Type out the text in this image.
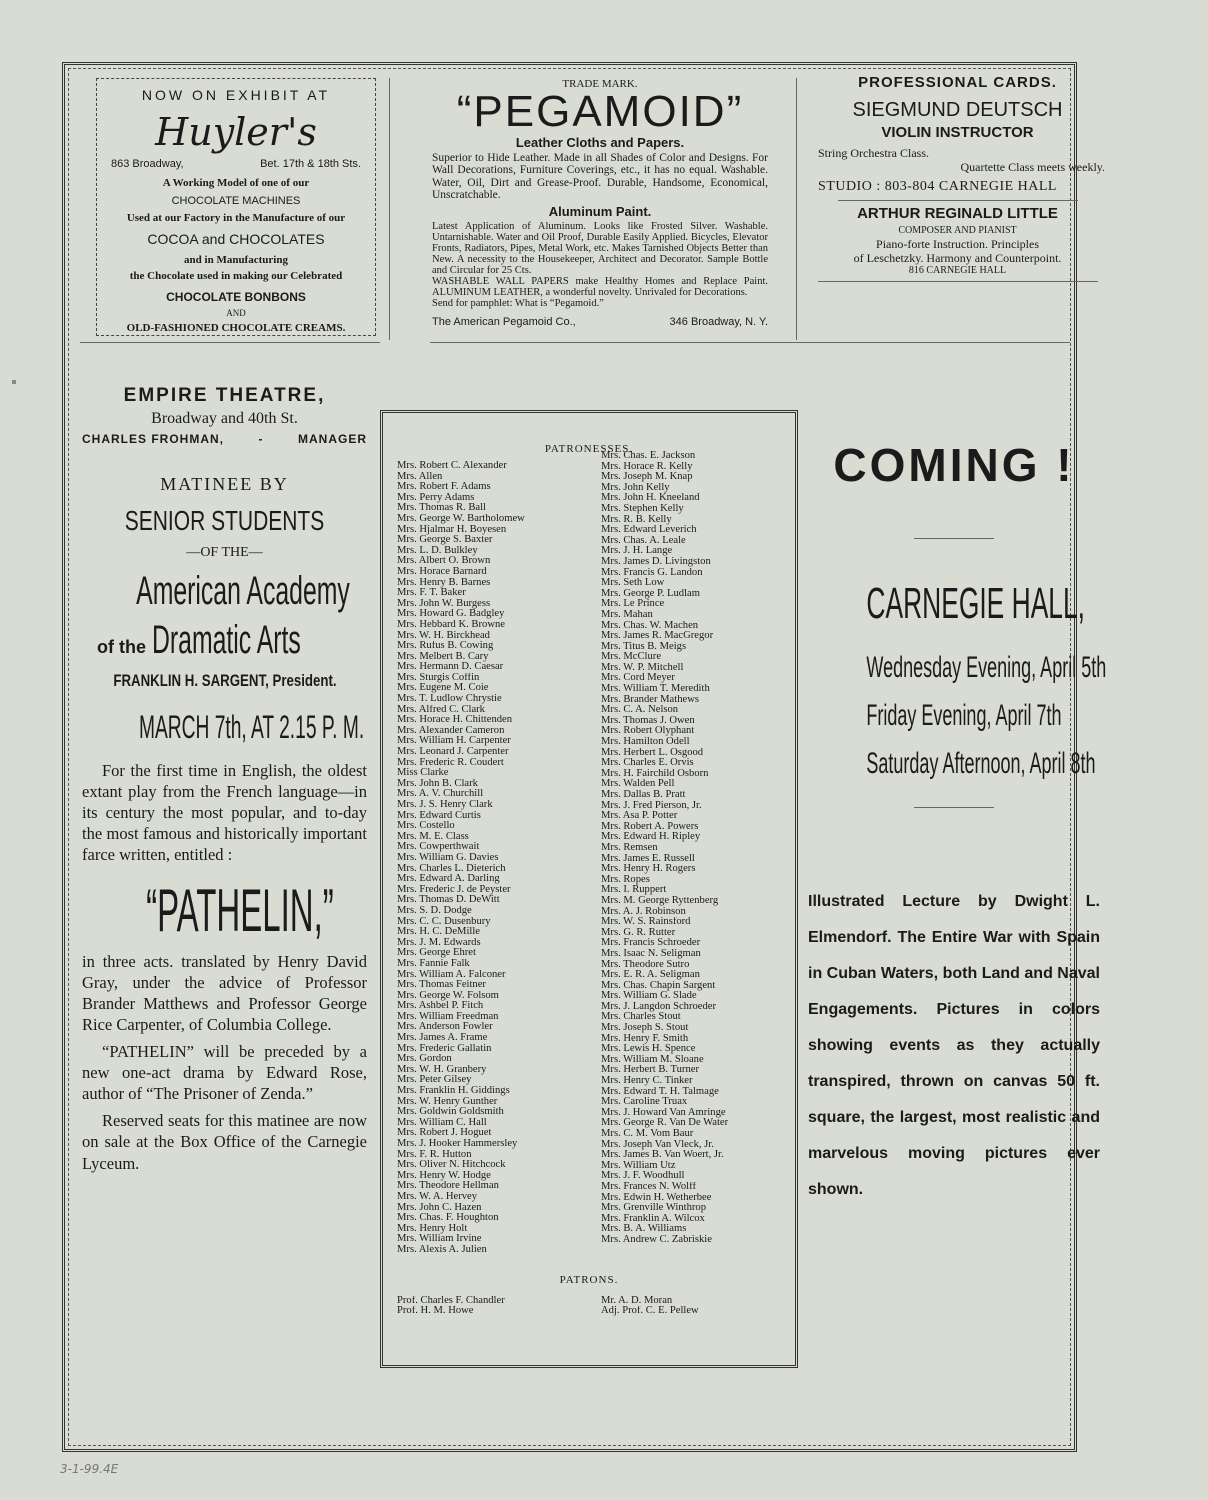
NOW ON EXHIBIT AT
Huyler's
863 Broadway,	Bet. 17th & 18th Sts.
A Working Model of one of our
CHOCOLATE MACHINES
Used at our Factory in the Manufacture of our
COCOA and CHOCOLATES
and in Manufacturing
the Chocolate used in making our Celebrated
CHOCOLATE BONBONS
AND
OLD-FASHIONED CHOCOLATE CREAMS.
TRADE MARK.
“PEGAMOID”
Leather Cloths and Papers.
Superior to Hide Leather. Made in all Shades of Color and Designs. For Wall Decorations, Furniture Coverings, etc., it has no equal. Washable. Water, Oil, Dirt and Grease-Proof. Durable, Handsome, Economical, Unscratchable.
Aluminum Paint.
Latest Application of Aluminum. Looks like Frosted Silver. Washable. Untarnishable. Water and Oil Proof, Durable Easily Applied. Bicycles, Elevator Fronts, Radiators, Pipes, Metal Work, etc. Makes Tarnished Objects Better than New. A necessity to the Housekeeper, Architect and Decorator. Sample Bottle and Circular for 25 Cts.
WASHABLE WALL PAPERS make Healthy Homes and Replace Paint. ALUMINUM LEATHER, a wonderful novelty. Unrivaled for Decorations.
Send for pamphlet: What is “Pegamoid.”
The American Pegamoid Co.,	346 Broadway, N. Y.
PROFESSIONAL CARDS.
SIEGMUND DEUTSCH
VIOLIN INSTRUCTOR
String Orchestra Class.
Quartette Class meets weekly.
STUDIO : 803-804 CARNEGIE HALL
ARTHUR REGINALD LITTLE
COMPOSER AND PIANIST
Piano-forte Instruction. Principles
of Leschetzky. Harmony and Counterpoint.
816 CARNEGIE HALL
EMPIRE THEATRE,
Broadway and 40th St.
CHARLES FROHMAN,	-	MANAGER
MATINEE BY
SENIOR STUDENTS
—OF THE—
American Academy
of the Dramatic Arts
FRANKLIN H. SARGENT, President.
MARCH 7th, AT 2.15 P. M.
For the first time in English, the oldest extant play from the French language—in its century the most popular, and to-day the most famous and historically important farce written, entitled :
“PATHELIN,”
in three acts. translated by Henry David Gray, under the advice of Professor Brander Matthews and Professor George Rice Carpenter, of Columbia College.
“PATHELIN” will be preceded by a new one-act drama by Edward Rose, author of “The Prisoner of Zenda.”
Reserved seats for this matinee are now on sale at the Box Office of the Carnegie Lyceum.
PATRONESSES.
Mrs. Robert C. Alexander
Mrs. Allen
Mrs. Robert F. Adams
Mrs. Perry Adams
Mrs. Thomas R. Ball
Mrs. George W. Bartholomew
Mrs. Hjalmar H. Boyesen
Mrs. George S. Baxter
Mrs. L. D. Bulkley
Mrs. Albert O. Brown
Mrs. Horace Barnard
Mrs. Henry B. Barnes
Mrs. F. T. Baker
Mrs. John W. Burgess
Mrs. Howard G. Badgley
Mrs. Hebbard K. Browne
Mrs. W. H. Birckhead
Mrs. Rufus B. Cowing
Mrs. Melbert B. Cary
Mrs. Hermann D. Caesar
Mrs. Sturgis Coffin
Mrs. Eugene M. Coie
Mrs. T. Ludlow Chrystie
Mrs. Alfred C. Clark
Mrs. Horace H. Chittenden
Mrs. Alexander Cameron
Mrs. William H. Carpenter
Mrs. Leonard J. Carpenter
Mrs. Frederic R. Coudert
Miss Clarke
Mrs. John B. Clark
Mrs. A. V. Churchill
Mrs. J. S. Henry Clark
Mrs. Edward Curtis
Mrs. Costello
Mrs. M. E. Class
Mrs. Cowperthwait
Mrs. William G. Davies
Mrs. Charles L. Dieterich
Mrs. Edward A. Darling
Mrs. Frederic J. de Peyster
Mrs. Thomas D. DeWitt
Mrs. S. D. Dodge
Mrs. C. C. Dusenbury
Mrs. H. C. DeMille
Mrs. J. M. Edwards
Mrs. George Ehret
Mrs. Fannie Falk
Mrs. William A. Falconer
Mrs. Thomas Feitner
Mrs. George W. Folsom
Mrs. Ashbel P. Fitch
Mrs. William Freedman
Mrs. Anderson Fowler
Mrs. James A. Frame
Mrs. Frederic Gallatin
Mrs. Gordon
Mrs. W. H. Granbery
Mrs. Peter Gilsey
Mrs. Franklin H. Giddings
Mrs. W. Henry Gunther
Mrs. Goldwin Goldsmith
Mrs. William C. Hall
Mrs. Robert J. Hoguet
Mrs. J. Hooker Hammersley
Mrs. F. R. Hutton
Mrs. Oliver N. Hitchcock
Mrs. Henry W. Hodge
Mrs. Theodore Hellman
Mrs. W. A. Hervey
Mrs. John C. Hazen
Mrs. Chas. F. Houghton
Mrs. Henry Holt
Mrs. William Irvine
Mrs. Alexis A. Julien
Mrs. Chas. E. Jackson
Mrs. Horace R. Kelly
Mrs. Joseph M. Knap
Mrs. John Kelly
Mrs. John H. Kneeland
Mrs. Stephen Kelly
Mrs. R. B. Kelly
Mrs. Edward Leverich
Mrs. Chas. A. Leale
Mrs. J. H. Lange
Mrs. James D. Livingston
Mrs. Francis G. Landon
Mrs. Seth Low
Mrs. George P. Ludlam
Mrs. Le Prince
Mrs. Mahan
Mrs. Chas. W. Machen
Mrs. James R. MacGregor
Mrs. Titus B. Meigs
Mrs. McClure
Mrs. W. P. Mitchell
Mrs. Cord Meyer
Mrs. William T. Meredith
Mrs. Brander Mathews
Mrs. C. A. Nelson
Mrs. Thomas J. Owen
Mrs. Robert Olyphant
Mrs. Hamilton Odell
Mrs. Herbert L. Osgood
Mrs. Charles E. Orvis
Mrs. H. Fairchild Osborn
Mrs. Walden Pell
Mrs. Dallas B. Pratt
Mrs. J. Fred Pierson, Jr.
Mrs. Asa P. Potter
Mrs. Robert A. Powers
Mrs. Edward H. Ripley
Mrs. Remsen
Mrs. James E. Russell
Mrs. Henry H. Rogers
Mrs. Ropes
Mrs. I. Ruppert
Mrs. M. George Ryttenberg
Mrs. A. J. Robinson
Mrs. W. S. Rainsford
Mrs. G. R. Rutter
Mrs. Francis Schroeder
Mrs. Isaac N. Seligman
Mrs. Theodore Sutro
Mrs. E. R. A. Seligman
Mrs. Chas. Chapin Sargent
Mrs. William G. Slade
Mrs. J. Langdon Schroeder
Mrs. Charles Stout
Mrs. Joseph S. Stout
Mrs. Henry F. Smith
Mrs. Lewis H. Spence
Mrs. William M. Sloane
Mrs. Herbert B. Turner
Mrs. Henry C. Tinker
Mrs. Edward T. H. Talmage
Mrs. Caroline Truax
Mrs. J. Howard Van Amringe
Mrs. George R. Van De Water
Mrs. C. M. Vom Baur
Mrs. Joseph Van Vleck, Jr.
Mrs. James B. Van Woert, Jr.
Mrs. William Utz
Mrs. J. F. Woodhull
Mrs. Frances N. Wolff
Mrs. Edwin H. Wetherbee
Mrs. Grenville Winthrop
Mrs. Franklin A. Wilcox
Mrs. B. A. Williams
Mrs. Andrew C. Zabriskie
PATRONS.
Prof. Charles F. Chandler
Prof. H. M. Howe
Mr. A. D. Moran
Adj. Prof. C. E. Pellew
COMING !
CARNEGIE HALL,
Wednesday Evening, April 5th
Friday Evening, April 7th
Saturday Afternoon, April 8th
Illustrated Lecture by Dwight L. Elmendorf. The Entire War with Spain in Cuban Waters, both Land and Naval Engagements. Pictures in colors showing events as they actually transpired, thrown on canvas 50 ft. square, the largest, most realistic and marvelous moving pictures ever shown.
3-1-99.4E
